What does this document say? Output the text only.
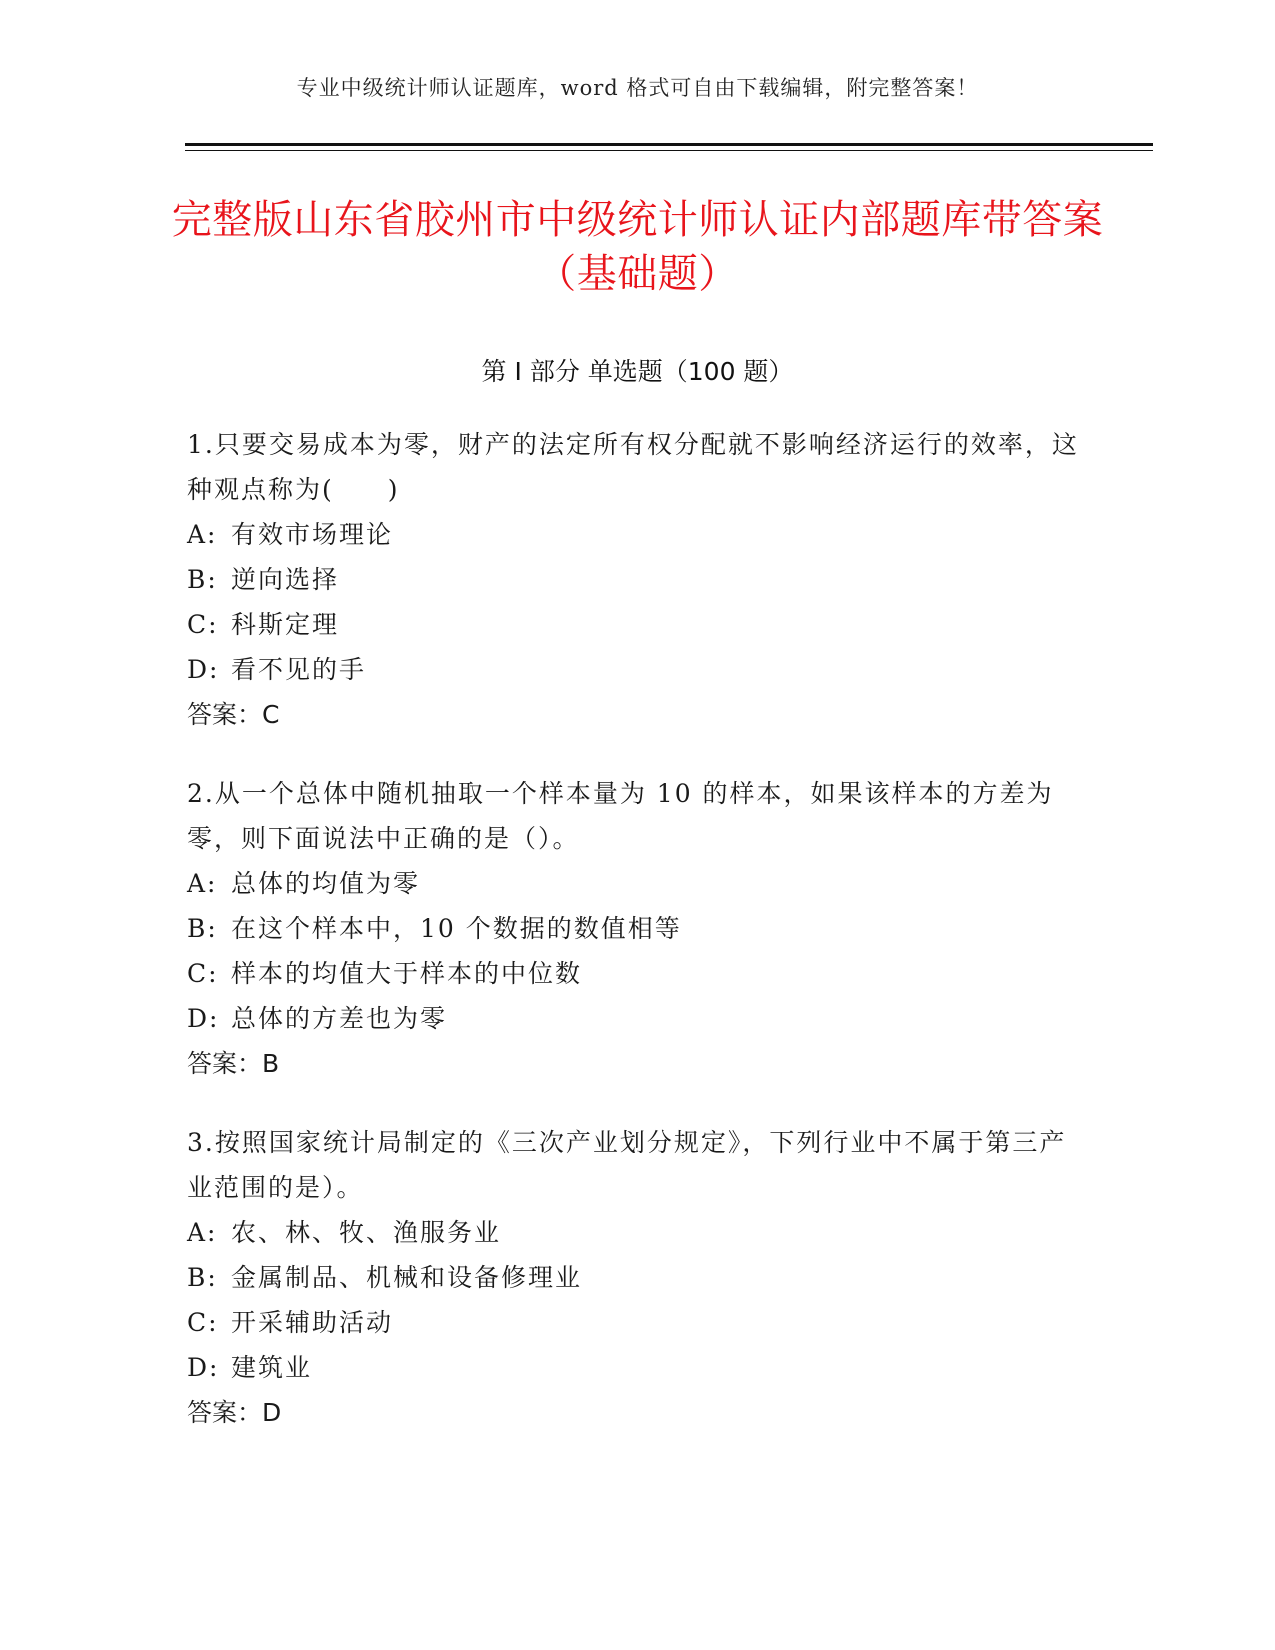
专业中级统计师认证题库，word 格式可自由下载编辑，附完整答案！
完整版山东省胶州市中级统计师认证内部题库带答案（基础题）
第 I 部分 单选题（100 题）

1.只要交易成本为零，财产的法定所有权分配就不影响经济运行的效率，这种观点称为(　　)

A: 有效市场理论

B: 逆向选择

C: 科斯定理

D: 看不见的手

答案：C

2.从一个总体中随机抽取一个样本量为 10 的样本，如果该样本的方差为零，则下面说法中正确的是（）。

A: 总体的均值为零

B: 在这个样本中，10 个数据的数值相等

C: 样本的均值大于样本的中位数

D: 总体的方差也为零

答案：B

3.按照国家统计局制定的《三次产业划分规定》，下列行业中不属于第三产业范围的是）。

A: 农、林、牧、渔服务业

B: 金属制品、机械和设备修理业

C: 开采辅助活动

D: 建筑业

答案：D
